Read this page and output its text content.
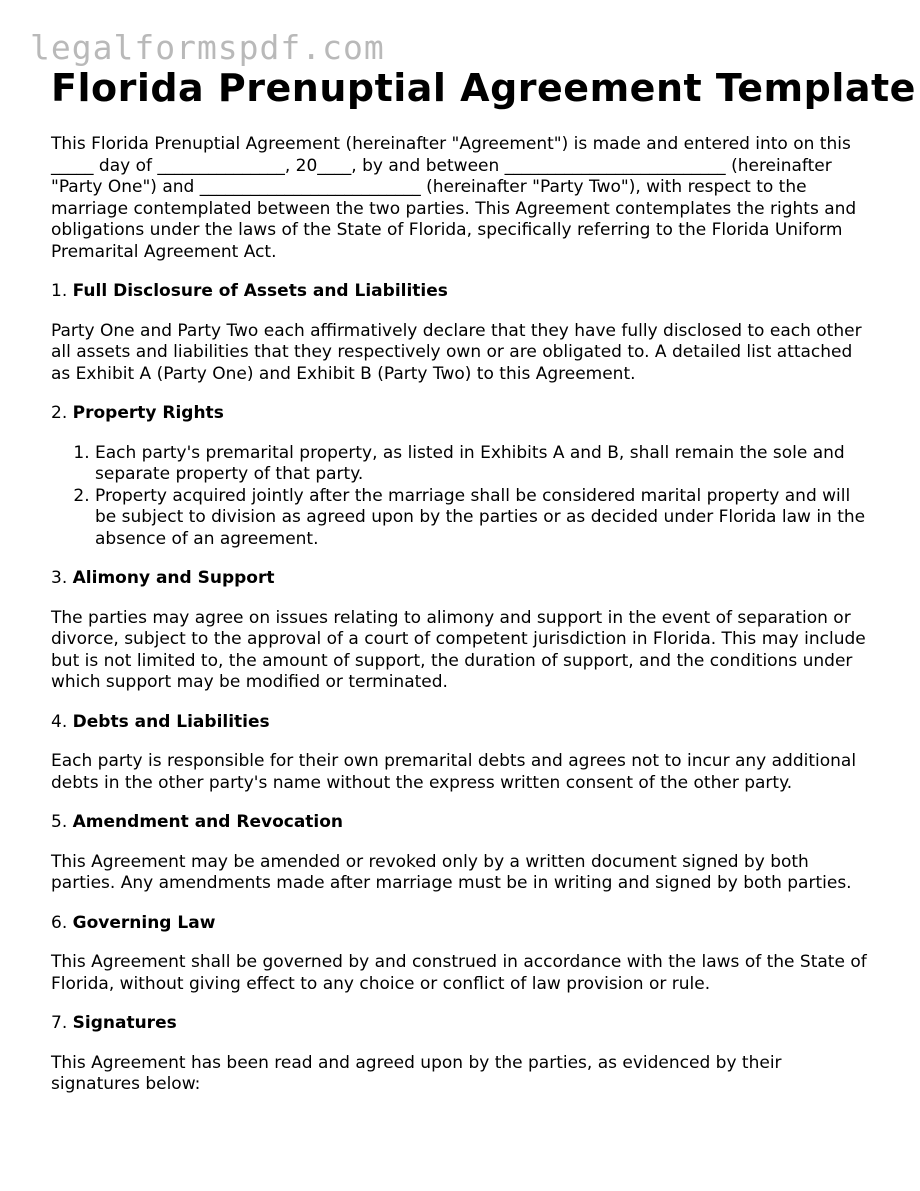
legalformspdf.com
Florida Prenuptial Agreement Template

This Florida Prenuptial Agreement (hereinafter "Agreement") is made and entered into on this _____ day of _______________, 20____, by and between __________________________ (hereinafter "Party One") and __________________________ (hereinafter "Party Two"), with respect to the marriage contemplated between the two parties. This Agreement contemplates the rights and obligations under the laws of the State of Florida, specifically referring to the Florida Uniform Premarital Agreement Act.

1. Full Disclosure of Assets and Liabilities

Party One and Party Two each affirmatively declare that they have fully disclosed to each other all assets and liabilities that they respectively own or are obligated to. A detailed list attached as Exhibit A (Party One) and Exhibit B (Party Two) to this Agreement.

2. Property Rights
1. Each party's premarital property, as listed in Exhibits A and B, shall remain the sole and separate property of that party.
2. Property acquired jointly after the marriage shall be considered marital property and will be subject to division as agreed upon by the parties or as decided under Florida law in the absence of an agreement.
3. Alimony and Support

The parties may agree on issues relating to alimony and support in the event of separation or divorce, subject to the approval of a court of competent jurisdiction in Florida. This may include but is not limited to, the amount of support, the duration of support, and the conditions under which support may be modified or terminated.

4. Debts and Liabilities

Each party is responsible for their own premarital debts and agrees not to incur any additional debts in the other party's name without the express written consent of the other party.

5. Amendment and Revocation

This Agreement may be amended or revoked only by a written document signed by both parties. Any amendments made after marriage must be in writing and signed by both parties.

6. Governing Law

This Agreement shall be governed by and construed in accordance with the laws of the State of Florida, without giving effect to any choice or conflict of law provision or rule.

7. Signatures

This Agreement has been read and agreed upon by the parties, as evidenced by their signatures below:
